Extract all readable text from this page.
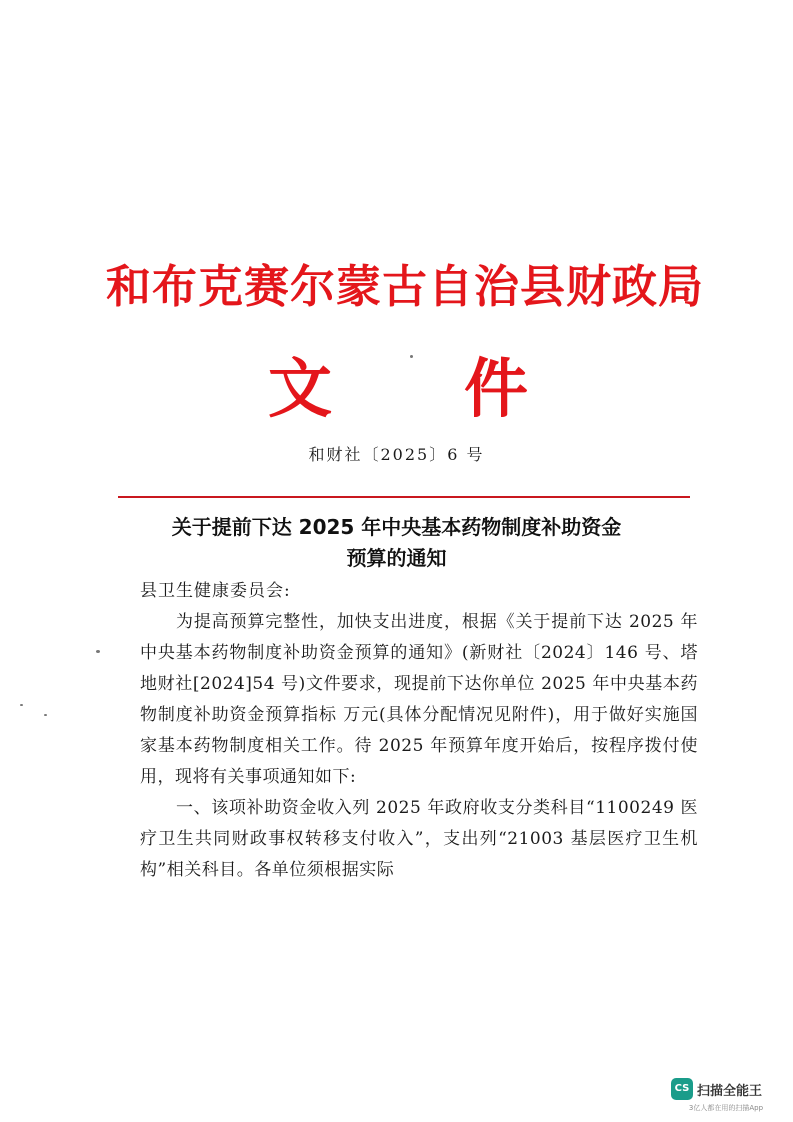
和布克赛尔蒙古自治县财政局
文 件
和财社〔2025〕6 号
关于提前下达 2025 年中央基本药物制度补助资金
预算的通知
县卫生健康委员会:
为提高预算完整性，加快支出进度，根据《关于提前下达 2025 年中央基本药物制度补助资金预算的通知》(新财社〔2024〕146 号、塔地财社[2024]54 号)文件要求，现提前下达你单位 2025 年中央基本药物制度补助资金预算指标 万元(具体分配情况见附件)，用于做好实施国家基本药物制度相关工作。待 2025 年预算年度开始后，按程序拨付使用，现将有关事项通知如下:
一、该项补助资金收入列 2025 年政府收支分类科目“1100249 医疗卫生共同财政事权转移支付收入”，支出列“21003 基层医疗卫生机构”相关科目。各单位须根据实际
CS 扫描全能王
3亿人都在用的扫描App
